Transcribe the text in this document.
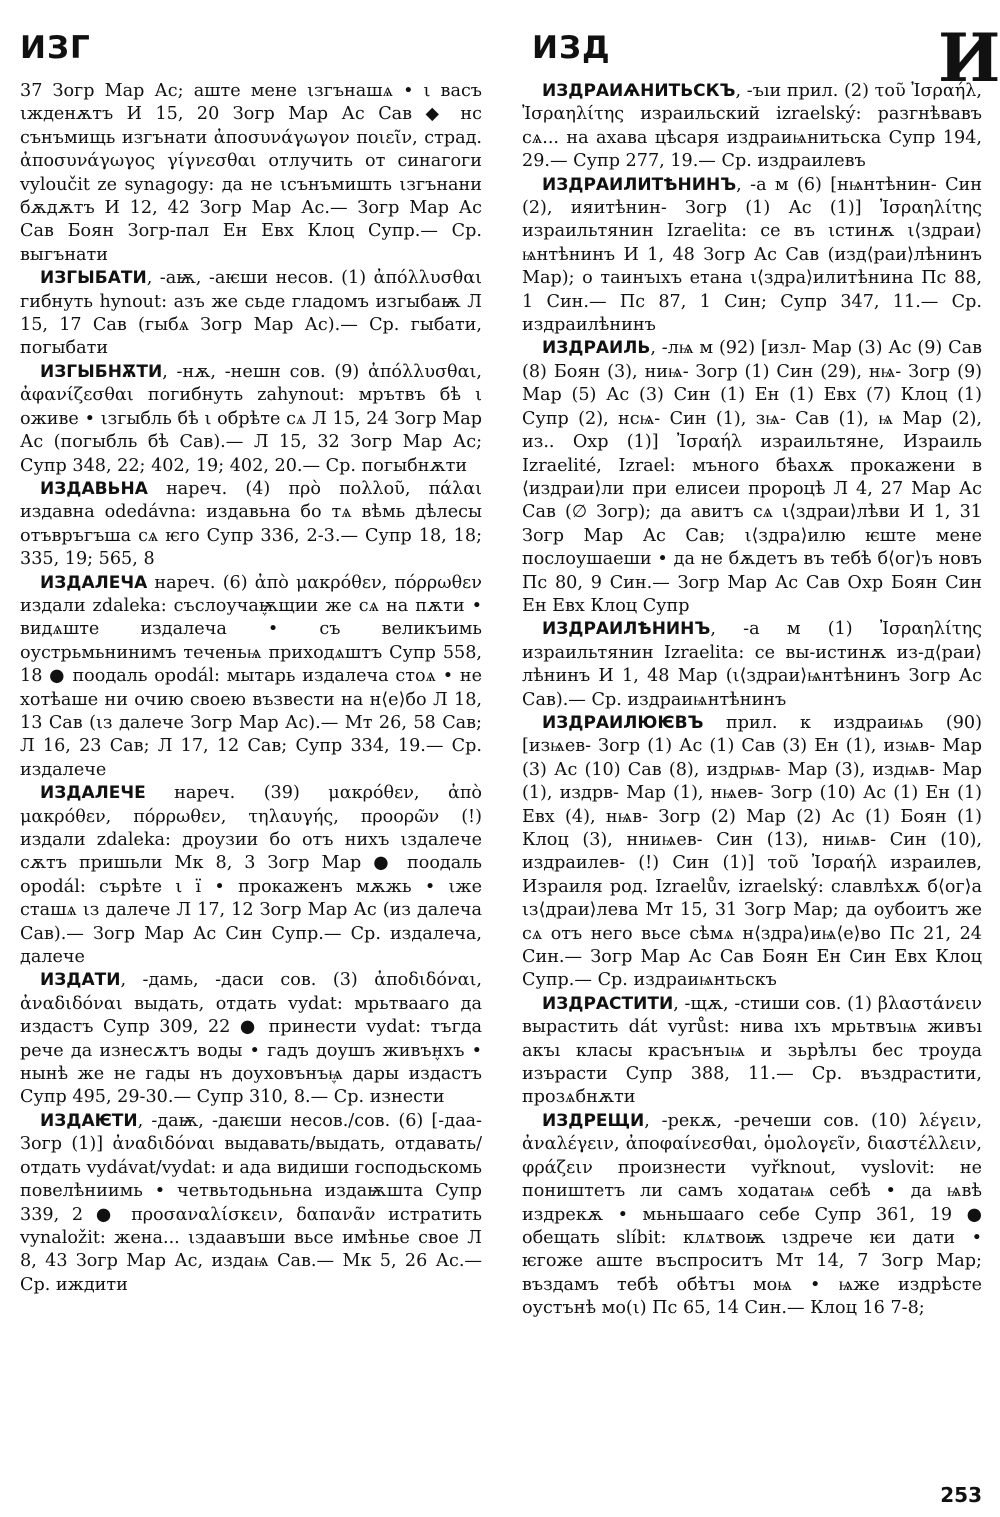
ИЗГ	ИЗД	И

37 Зогр Мар Ас; аште мене ιзгънашѧ • ι васъ ιжденѫтъ И 15, 20 Зогр Мар Ас Сав ◆ нс сънъмищь изгънати ἀποσυνάγωγον ποιεῖν, страд. ἀποσυνάγωγος γίγνεσθαι отлучить от синагоги vyloučit ze synagogy: да не ιсънъмишть ιзгънани бѫдѫтъ И 12, 42 Зогр Мар Ас.— Зогр Мар Ас Сав Боян Зогр-пал Ен Евх Клоц Супр.— Ср. выгънати

ИЗГЫБАТИ, -аѭ, -аѥши несов. (1) ἀπόλλυσθαι гибнуть hynout: азъ же сьде гладомъ изгыбаѭ Л 15, 17 Сав (гыбѧ Зогр Мар Ас).— Ср. гыбати, погыбати

ИЗГЫБНѪТИ, -нѫ, -нешн сов. (9) ἀπόλλυσθαι, ἀφανίζεσθαι погибнуть zahynout: мрътвъ бѣ ι оживе • ιзгыбль бѣ ι обрѣте сѧ Л 15, 24 Зогр Мар Ас (погыбль бѣ Сав).— Л 15, 32 Зогр Мар Ас; Супр 348, 22; 402, 19; 402, 20.— Ср. погыбнѫти

ИЗДАВЬНА нареч. (4) πρὸ πολλοῦ, πάλαι издавна odedávna: издавьна бо тѧ вѣмь дѣлесы отъвръгъша сѧ ѥго Супр 336, 2-3.— Супр 18, 18; 335, 19; 565, 8

ИЗДАЛЕЧА нареч. (6) ἀπὸ μακρόθεν, πόρρωθεν издали zdaleka: съслоуча݆ѭщии же сѧ на пѫти • видѧште издалеча • съ великъимь оустрьмьнинимъ теченьѩ приходѧштъ Супр 558, 18 ● поодаль opodál: мытарь издалеча стоѧ • не хотѣаше ни очию своею възвести на н⟨е⟩бо Л 18, 13 Сав (ιз далече Зогр Мар Ас).— Мт 26, 58 Сав; Л 16, 23 Сав; Л 17, 12 Сав; Супр 334, 19.— Ср. издалече

ИЗДАЛЕЧЕ нареч. (39) μακρόθεν, ἀπὸ μακρόθεν, πόρρωθεν, τηλαυγής, προορῶν (!) издали zdaleka: дроузии бо отъ нихъ ιздалече сѫтъ пришьли Мк 8, 3 Зогр Мар ● поодаль opodál: сърѣте ι ї • прокаженъ мѫжь • ιже сташѧ ιз далече Л 17, 12 Зогр Мар Ас (из далеча Сав).— Зогр Мар Ас Син Супр.— Ср. издалеча, далече

ИЗДАТИ, -дамь, -даси сов. (3) ἀποδιδόναι, ἀναδιδόναι выдать, отдать vydat: мрьтвааго да издастъ Супр 309, 22 ● принести vydat: тъгда рече да изнесѫтъ воды • гадъ доушъ живъ݆нхъ • нынѣ же не гады нъ доуховънъ݆ѩ дары издастъ Супр 495, 29-30.— Супр 310, 8.— Ср. изнести

ИЗДАѤТИ, -даѭ, -даѥши несов./сов. (6) [-даа- Зогр (1)] ἀναδιδόναι выдавать/выдать, отдавать/отдать vydávat/vydat: и ада видиши господьскомь повелѣниимь • четвьтодьньна издаѭшта Супр 339, 2 ● προσαναλίσκειν, δαπανᾶν истратить vynaložit: жена... ιздаавъши вьсе имѣнье свое Л 8, 43 Зогр Мар Ас, издаѩ Сав.— Мк 5, 26 Ас.— Ср. иждити

ИЗДРАИѦНИТЬСКЪ, -ъıи прил. (2) τοῦ Ἰσραήλ, Ἰσραηλίτης израильский izraelský: разгнѣвавъ сѧ... на ахава цѣсаря издраиѩнитьска Супр 194, 29.— Супр 277, 19.— Ср. издраилевъ

ИЗДРАИЛИТѢНИНЪ, -а м (6) [нѩнтѣнин- Син (2), ияитѣнин- Зогр (1) Ас (1)] Ἰσραηλίτης израильтянин Izraelita: се въ ιстинѫ ι⟨здраи⟩ѩнтѣнинъ И 1, 48 Зогр Ас Сав (изд⟨раи⟩лѣнинъ Мар); о таинъıхъ етана ι⟨здра⟩илитѣнина Пс 88, 1 Син.— Пс 87, 1 Син; Супр 347, 11.— Ср. издраилѣнинъ

ИЗДРАИЛЬ, -лѩ м (92) [изл- Мар (3) Ас (9) Сав (8) Боян (3), ниѩ- Зогр (1) Син (29), нѩ- Зогр (9) Мар (5) Ас (3) Син (1) Ен (1) Евх (7) Клоц (1) Супр (2), нсѩ- Син (1), зѩ- Сав (1), ѩ Мар (2), из.. Охр (1)] Ἰσραήλ израильтяне, Израиль Izraelité, Izrael: мъного бѣахѫ прокажени в ⟨издраи⟩ли при елисеи пророцѣ Л 4, 27 Мар Ас Сав (∅ Зогр); да авитъ сѧ ι⟨здраи⟩лѣви И 1, 31 Зогр Мар Ас Сав; ι⟨здра⟩илю ѥште мене послоушаеши • да не бѫдетъ въ тебѣ б⟨ог⟩ъ новъ Пс 80, 9 Син.— Зогр Мар Ас Сав Охр Боян Син Ен Евх Клоц Супр

ИЗДРАИЛѢНИНЪ, -а м (1) Ἰσραηλίτης израильтянин Izraelita: се вы-истинѫ из-д⟨раи⟩лѣнинъ И 1, 48 Мар (ι⟨здраи⟩ѩнтѣнинъ Зогр Ас Сав).— Ср. издраиѩнтѣнинъ

ИЗДРАИЛЮѤВЪ прил. к издраиѩь (90) [изѩев- Зогр (1) Ас (1) Сав (3) Ен (1), изѩв- Мар (3) Ас (10) Сав (8), издрѩв- Мар (3), издѩв- Мар (1), издрв- Мар (1), нѩев- Зогр (10) Ас (1) Ен (1) Евх (4), нѩв- Зогр (2) Мар (2) Ас (1) Боян (1) Клоц (3), нниѩев- Син (13), ниѩв- Син (10), издраилев- (!) Син (1)] τοῦ Ἰσραήλ израилев, Израиля род. Izraelův, izraelský: славлѣхѫ б⟨ог⟩а ιз⟨драи⟩лева Мт 15, 31 Зогр Мар; да оубоитъ же сѧ отъ него вьсе сѣмѧ н⟨здра⟩иѩ⟨е⟩во Пс 21, 24 Син.— Зогр Мар Ас Сав Боян Ен Син Евх Клоц Супр.— Ср. издраиѩнтьскъ

ИЗДРАСТИТИ, -щѫ, -стиши сов. (1) βλαστάνειν вырастить dát vyrůst: нива ıхъ мрьтвъıѩ живъı акъı класы красънъıѩ и зьрѣлъı бес троуда изърасти Супр 388, 11.— Ср. въздрастити, прозѧбнѫти

ИЗДРЕЩИ, -рекѫ, -речеши сов. (10) λέγειν, ἀναλέγειν, ἀποφαίνεσθαι, ὁμολογεῖν, διαστέλλειν, φράζειν произнести vyřknout, vyslovit: не поништетъ ли самъ ходатаѩ себѣ • да ѩвѣ издрекѫ • мьньшааго себе Супр 361, 19 ● обещать slíbit: клѧтвоѭ ιздрече ѥи дати • ѥгоже аште въспроситъ Мт 14, 7 Зогр Мар; въздамъ тебѣ обѣтъı моѩ • ѩже издрѣсте оустънѣ мо(ι) Пс 65, 14 Син.— Клоц 16 7-8;

253
